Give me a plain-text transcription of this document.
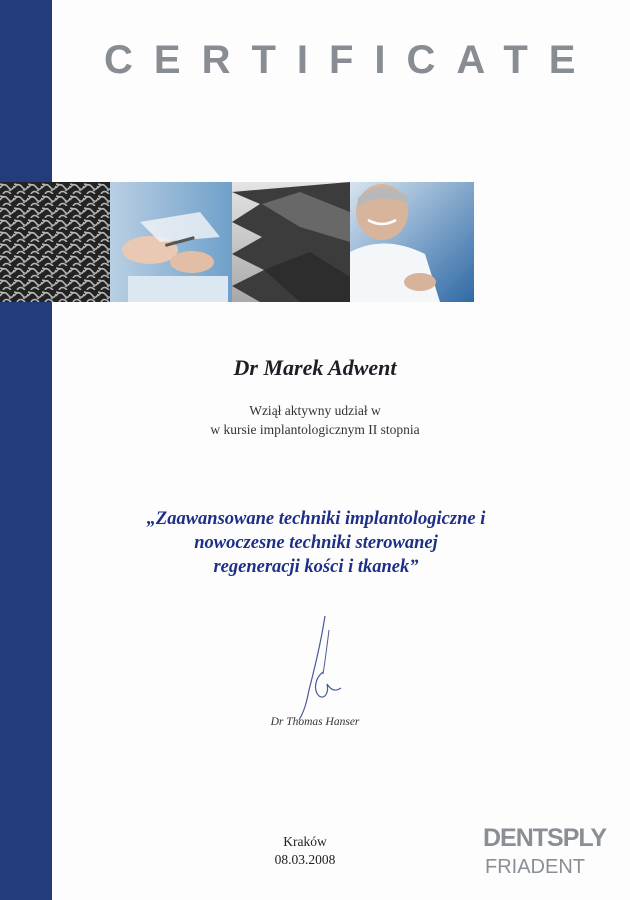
CERTIFICATE
Dr Marek Adwent
Wziął aktywny udział w
w kursie implantologicznym II stopnia
„Zaawansowane techniki implantologiczne i
nowoczesne techniki sterowanej
regeneracji kości i tkanek”
Dr Thomas Hanser
Kraków
08.03.2008
DENTSPLY
FRIADENT
